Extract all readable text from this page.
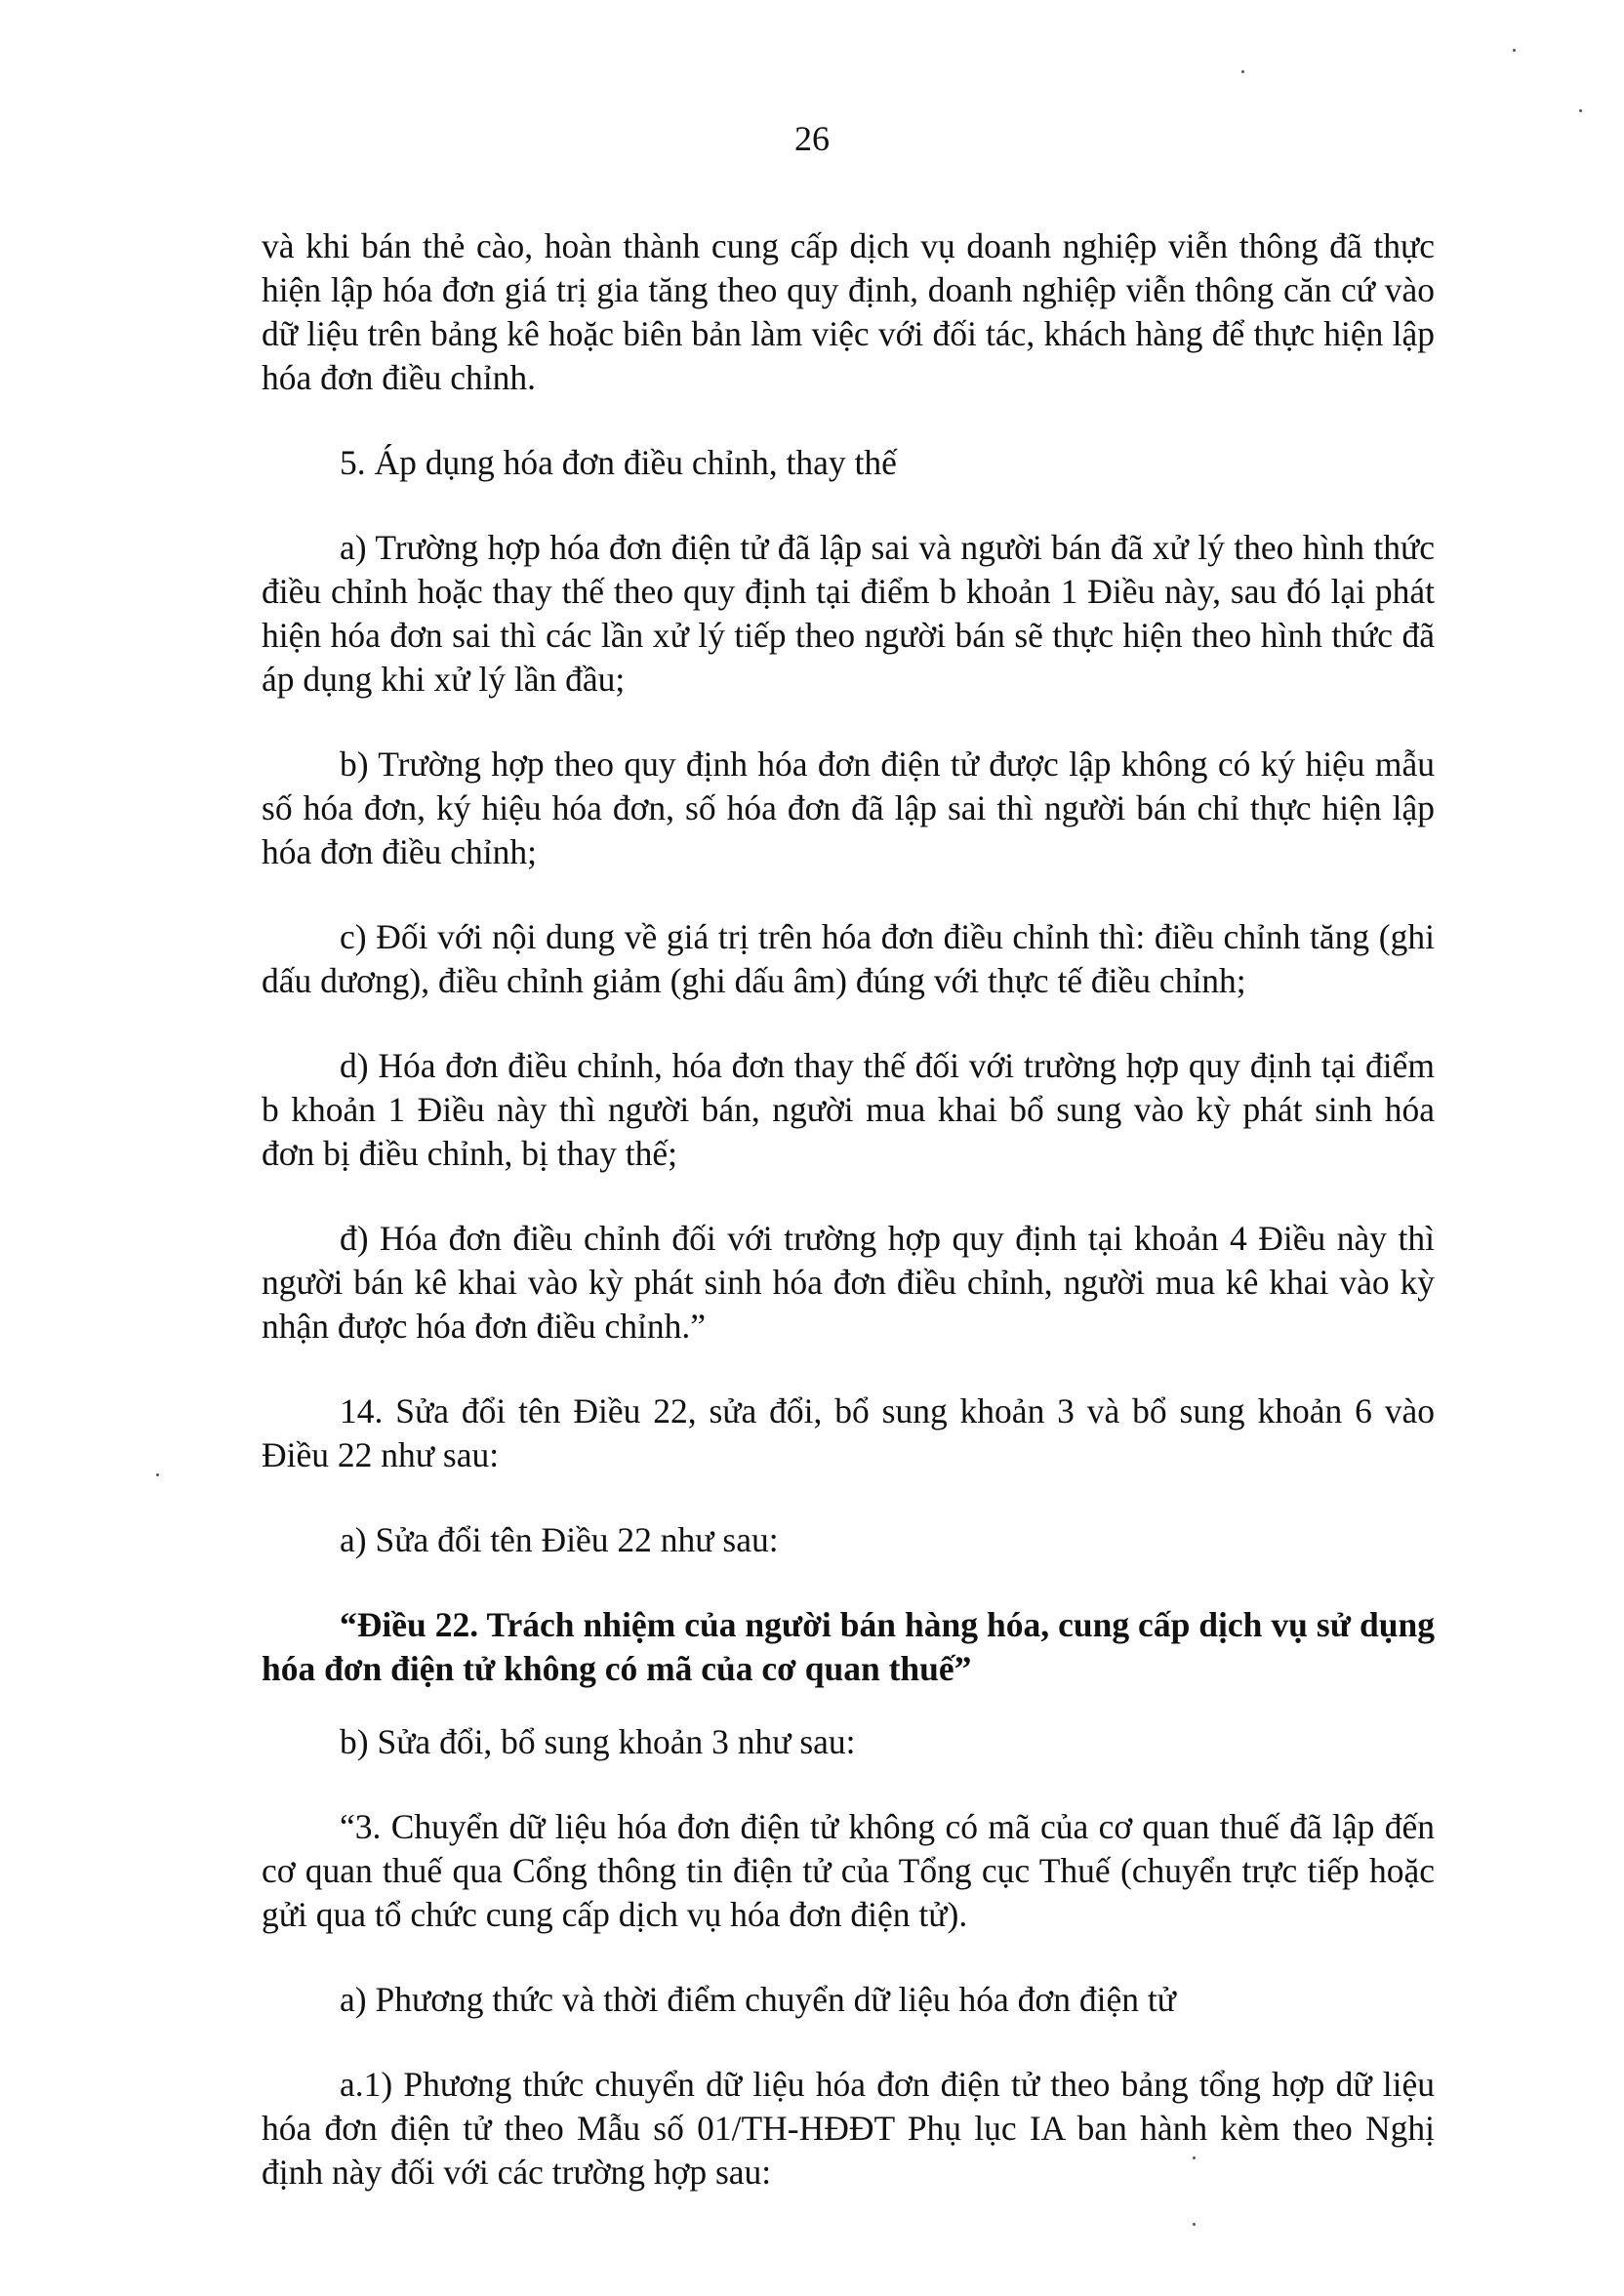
26

và khi bán thẻ cào, hoàn thành cung cấp dịch vụ doanh nghiệp viễn thông đã thực hiện lập hóa đơn giá trị gia tăng theo quy định, doanh nghiệp viễn thông căn cứ vào dữ liệu trên bảng kê hoặc biên bản làm việc với đối tác, khách hàng để thực hiện lập hóa đơn điều chỉnh.

5. Áp dụng hóa đơn điều chỉnh, thay thế

a) Trường hợp hóa đơn điện tử đã lập sai và người bán đã xử lý theo hình thức điều chỉnh hoặc thay thế theo quy định tại điểm b khoản 1 Điều này, sau đó lại phát hiện hóa đơn sai thì các lần xử lý tiếp theo người bán sẽ thực hiện theo hình thức đã áp dụng khi xử lý lần đầu;

b) Trường hợp theo quy định hóa đơn điện tử được lập không có ký hiệu mẫu số hóa đơn, ký hiệu hóa đơn, số hóa đơn đã lập sai thì người bán chỉ thực hiện lập hóa đơn điều chỉnh;

c) Đối với nội dung về giá trị trên hóa đơn điều chỉnh thì: điều chỉnh tăng (ghi dấu dương), điều chỉnh giảm (ghi dấu âm) đúng với thực tế điều chỉnh;

d) Hóa đơn điều chỉnh, hóa đơn thay thế đối với trường hợp quy định tại điểm b khoản 1 Điều này thì người bán, người mua khai bổ sung vào kỳ phát sinh hóa đơn bị điều chỉnh, bị thay thế;

đ) Hóa đơn điều chỉnh đối với trường hợp quy định tại khoản 4 Điều này thì người bán kê khai vào kỳ phát sinh hóa đơn điều chỉnh, người mua kê khai vào kỳ nhận được hóa đơn điều chỉnh.”

14. Sửa đổi tên Điều 22, sửa đổi, bổ sung khoản 3 và bổ sung khoản 6 vào Điều 22 như sau:

a) Sửa đổi tên Điều 22 như sau:

“Điều 22. Trách nhiệm của người bán hàng hóa, cung cấp dịch vụ sử dụng hóa đơn điện tử không có mã của cơ quan thuế”

b) Sửa đổi, bổ sung khoản 3 như sau:

“3. Chuyển dữ liệu hóa đơn điện tử không có mã của cơ quan thuế đã lập đến cơ quan thuế qua Cổng thông tin điện tử của Tổng cục Thuế (chuyển trực tiếp hoặc gửi qua tổ chức cung cấp dịch vụ hóa đơn điện tử).

a) Phương thức và thời điểm chuyển dữ liệu hóa đơn điện tử

a.1) Phương thức chuyển dữ liệu hóa đơn điện tử theo bảng tổng hợp dữ liệu hóa đơn điện tử theo Mẫu số 01/TH-HĐĐT Phụ lục IA ban hành kèm theo Nghị định này đối với các trường hợp sau:
